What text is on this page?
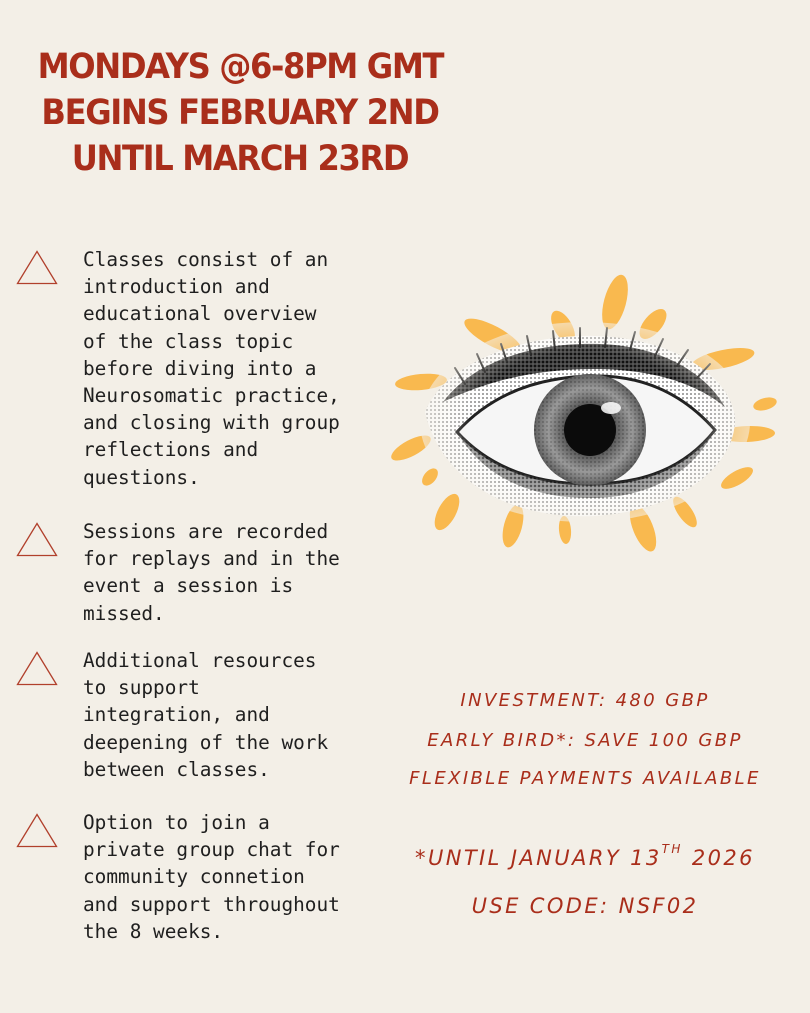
MONDAYS @6-8PM GMT
BEGINS FEBRUARY 2ND
UNTIL MARCH 23RD
Classes consist of an
introduction and
educational overview
of the class topic
before diving into a
Neurosomatic practice,
and closing with group
reflections and
questions.
Sessions are recorded
for replays and in the
event a session is
missed.
Additional resources
to support
integration, and
deepening of the work
between classes.
Option to join a
private group chat for
community connetion
and support throughout
the 8 weeks.
INVESTMENT: 480 GBP
EARLY BIRD*: SAVE 100 GBP
FLEXIBLE PAYMENTS AVAILABLE
*UNTIL JANUARY 13TH 2026
USE CODE: NSF02
